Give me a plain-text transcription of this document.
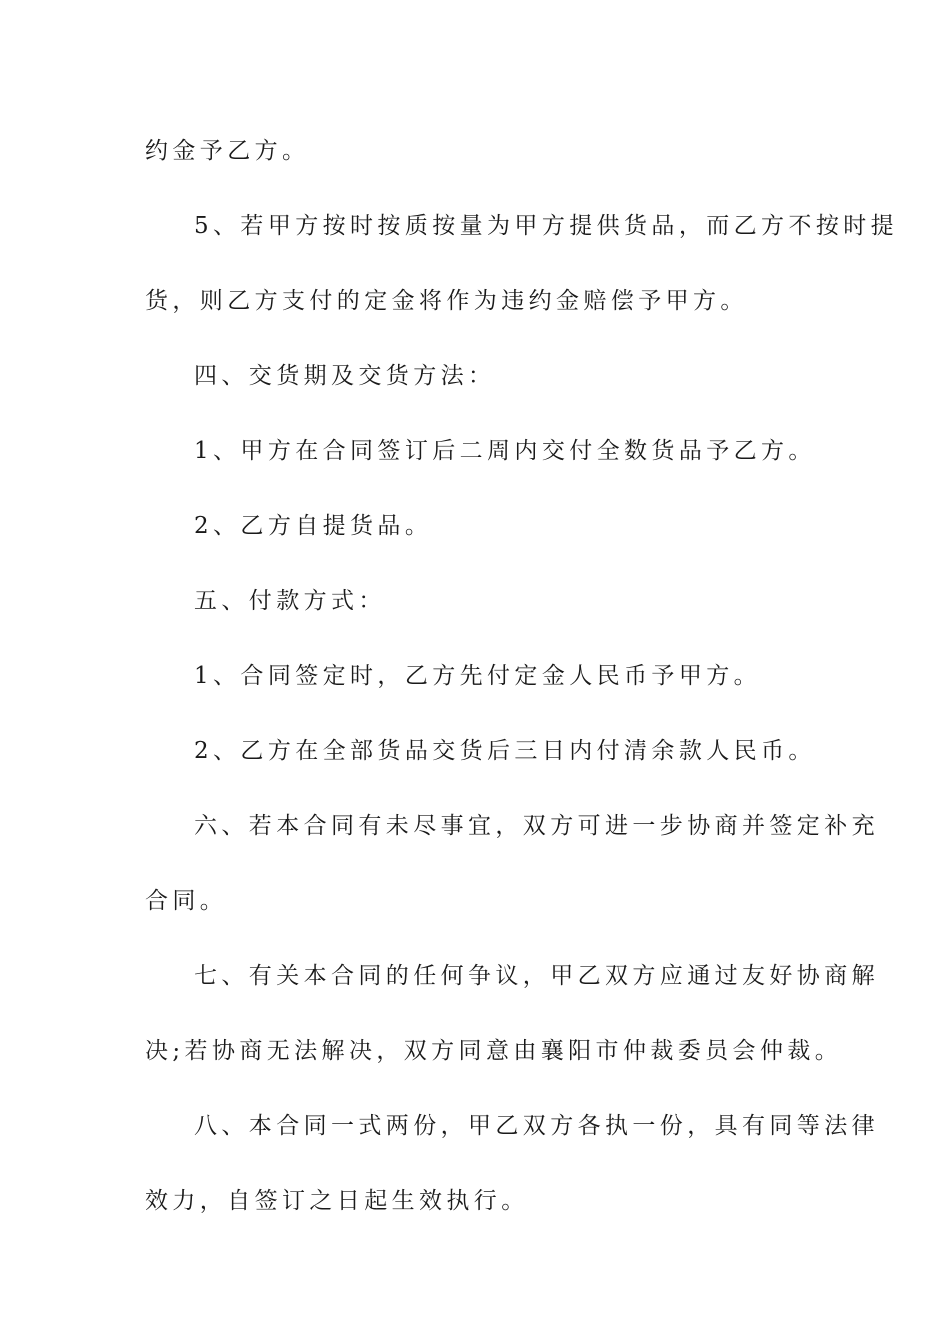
约金予乙方。
5、若甲方按时按质按量为甲方提供货品，而乙方不按时提
货，则乙方支付的定金将作为违约金赔偿予甲方。
四、交货期及交货方法：
1、甲方在合同签订后二周内交付全数货品予乙方。
2、乙方自提货品。
五、付款方式：
1、合同签定时，乙方先付定金人民币予甲方。
2、乙方在全部货品交货后三日内付清余款人民币。
六、若本合同有未尽事宜，双方可进一步协商并签定补充
合同。
七、有关本合同的任何争议，甲乙双方应通过友好协商解
决;若协商无法解决，双方同意由襄阳市仲裁委员会仲裁。
八、本合同一式两份，甲乙双方各执一份，具有同等法律
效力，自签订之日起生效执行。
